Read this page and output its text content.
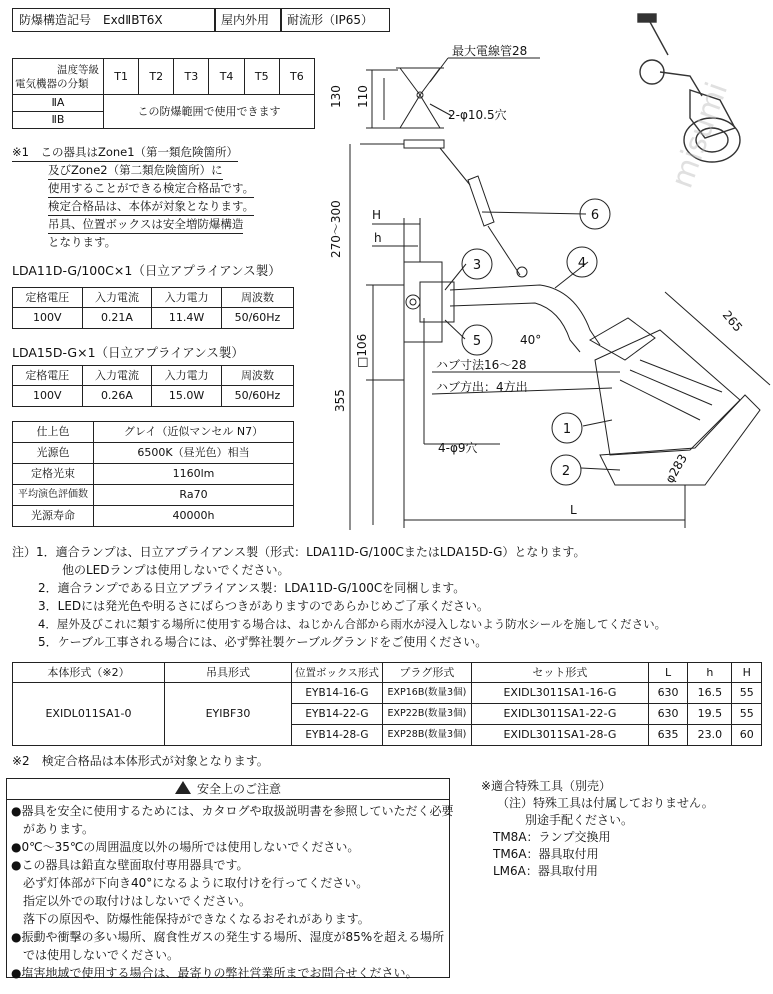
防爆構造記号　ExdⅡBT6X	屋内外用	耐流形（IP65）
温度等級
電気機器の分類	T1	T2	T3	T4	T5	T6
ⅡA	この防爆範囲で使用できます					
ⅡB						
※1　この器具はZone1（第一類危険箇所）
及びZone2（第二類危険箇所）に
使用することができる検定合格品です。
検定合格品は、本体が対象となります。
吊具、位置ボックスは安全増防爆構造
となります。
LDA11D-G/100C×1（日立アプライアンス製）
定格電圧	入力電流	入力電力	周波数
100V	0.21A	11.4W	50/60Hz
LDA15D-G×1（日立アプライアンス製）
定格電圧	入力電流	入力電力	周波数
100V	0.26A	15.0W	50/60Hz
仕上色	グレイ（近似マンセル N7）
光源色	6500K（昼光色）相当
定格光束	1160lm
平均演色評価数	Ra70
光源寿命	40000h
最大電線管28
2-φ10.5穴
4-φ9穴
ハブ寸法16～28
ハブ方出：4方出
40°
H
h
L
270～300
130 110
□106
355
265
φ283
6
4
3
5
1
2
misumi
注）1．適合ランプは、日立アプライアンス製（形式：LDA11D-G/100CまたはLDA15D-G）となります。
他のLEDランプは使用しないでください。
2．適合ランプである日立アプライアンス製：LDA11D-G/100Cを同梱します。
3．LEDには発光色や明るさにばらつきがありますのであらかじめご了承ください。
4．屋外及びこれに類する場所に使用する場合は、ねじかん合部から雨水が浸入しないよう防水シールを施してください。
5．ケーブル工事される場合には、必ず弊社製ケーブルグランドをご使用ください。
本体形式（※2）	吊具形式	位置ボックス形式	プラグ形式	セット形式	L	h	H
EXIDL011SA1-0	EYIBF30	EYB14-16-G	EXP16B(数量3個)	EXIDL3011SA1-16-G	630	16.5	55
		EYB14-22-G	EXP22B(数量3個)	EXIDL3011SA1-22-G	630	19.5	55
		EYB14-28-G	EXP28B(数量3個)	EXIDL3011SA1-28-G	635	23.0	60
※2　検定合格品は本体形式が対象となります。
安全上のご注意
●器具を安全に使用するためには、カタログや取扱説明書を参照していただく必要
　があります。
●0℃～35℃の周囲温度以外の場所では使用しないでください。
●この器具は鉛直な壁面取付専用器具です。
　必ず灯体部が下向き40°になるように取付けを行ってください。
　指定以外での取付けはしないでください。
　落下の原因や、防爆性能保持ができなくなるおそれがあります。
●振動や衝撃の多い場所、腐食性ガスの発生する場所、湿度が85%を超える場所
　では使用しないでください。
●塩害地域で使用する場合は、最寄りの弊社営業所までお問合せください。
※適合特殊工具（別売）
（注）特殊工具は付属しておりません。
別途手配ください。
TM8A：ランプ交換用
TM6A：器具取付用
LM6A：器具取付用
